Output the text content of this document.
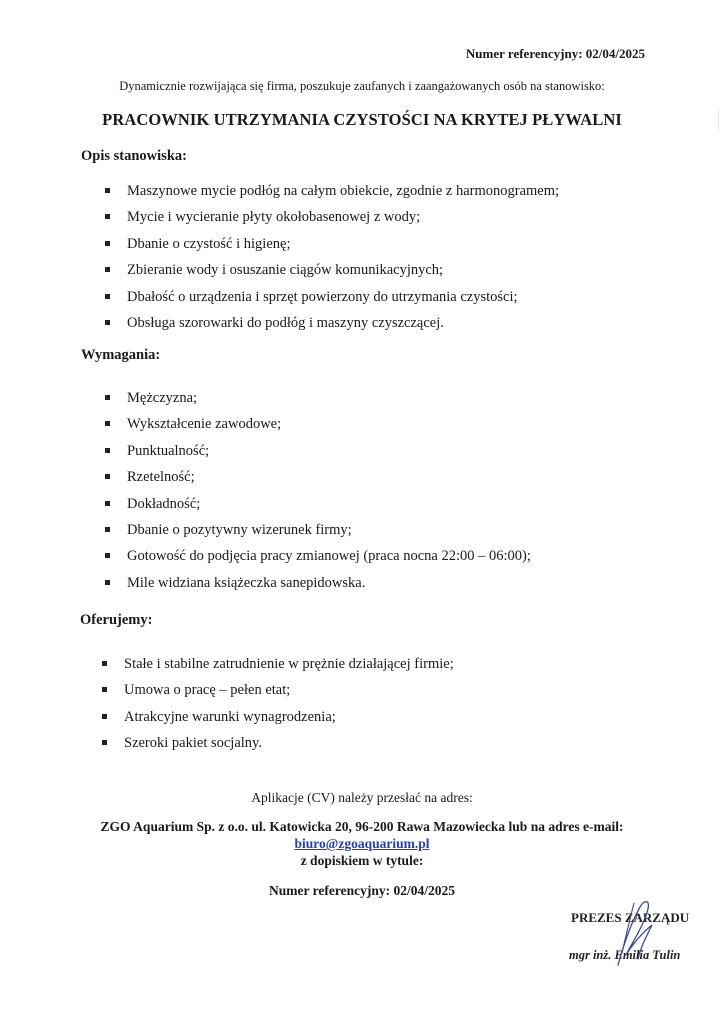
Numer referencyjny: 02/04/2025
Dynamicznie rozwijająca się firma, poszukuje zaufanych i zaangażowanych osób na stanowisko:
PRACOWNIK UTRZYMANIA CZYSTOŚCI NA KRYTEJ PŁYWALNI
Opis stanowiska:
Maszynowe mycie podłóg na całym obiekcie, zgodnie z harmonogramem;
Mycie i wycieranie płyty okołobasenowej z wody;
Dbanie o czystość i higienę;
Zbieranie wody i osuszanie ciągów komunikacyjnych;
Dbałość o urządzenia i sprzęt powierzony do utrzymania czystości;
Obsługa szorowarki do podłóg i maszyny czyszczącej.
Wymagania:
Mężczyzna;
Wykształcenie zawodowe;
Punktualność;
Rzetelność;
Dokładność;
Dbanie o pozytywny wizerunek firmy;
Gotowość do podjęcia pracy zmianowej (praca nocna 22:00 – 06:00);
Mile widziana książeczka sanepidowska.
Oferujemy:
Stałe i stabilne zatrudnienie w prężnie działającej firmie;
Umowa o pracę – pełen etat;
Atrakcyjne warunki wynagrodzenia;
Szeroki pakiet socjalny.
Aplikacje (CV) należy przesłać na adres:
ZGO Aquarium Sp. z o.o. ul. Katowicka 20, 96-200 Rawa Mazowiecka lub na adres e-mail:
biuro@zgoaquarium.pl
z dopiskiem w tytule:
Numer referencyjny: 02/04/2025
PREZES ZARZĄDU
mgr inż. Emilia Tulin
